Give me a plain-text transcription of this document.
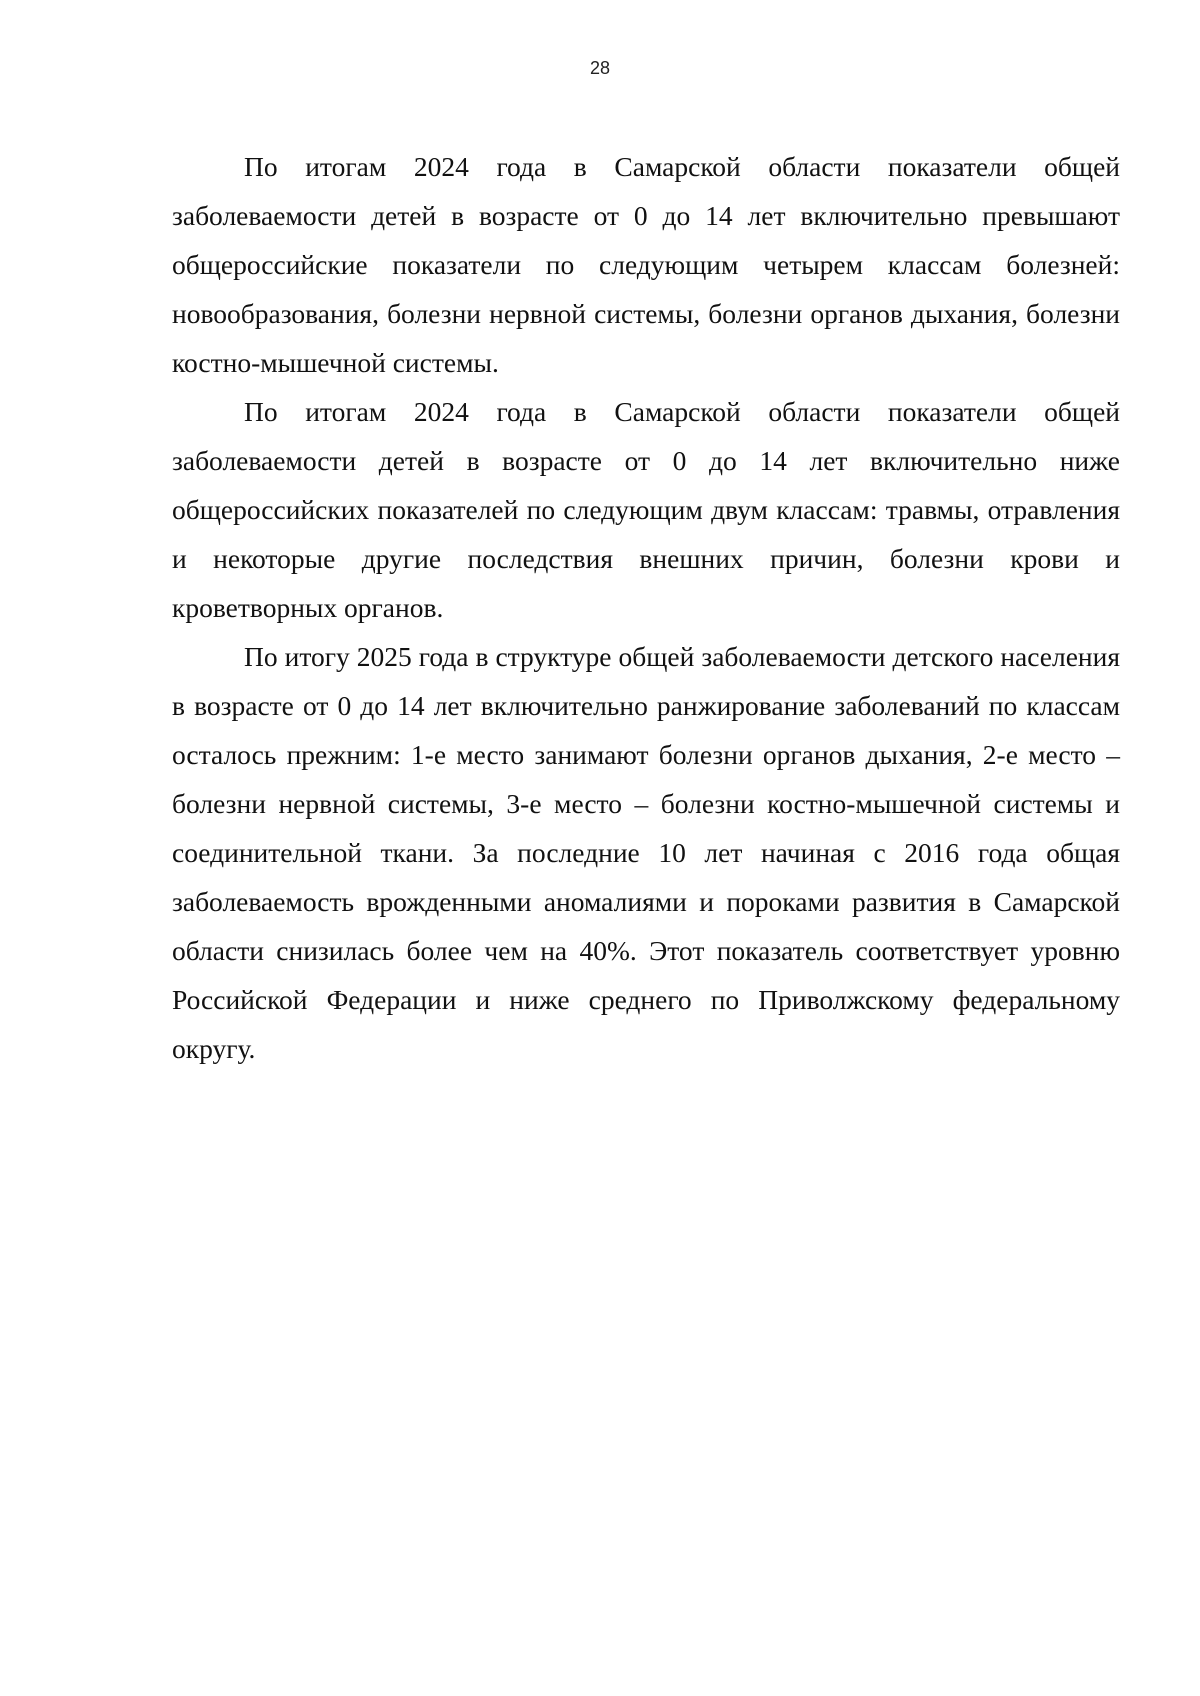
28

По итогам 2024 года в Самарской области показатели общей заболеваемости детей в возрасте от 0 до 14 лет включительно превышают общероссийские показатели по следующим четырем классам болезней: новообразования, болезни нервной системы, болезни органов дыхания, болезни костно-мышечной системы.

По итогам 2024 года в Самарской области показатели общей заболеваемости детей в возрасте от 0 до 14 лет включительно ниже общероссийских показателей по следующим двум классам: травмы, отравления и некоторые другие последствия внешних причин, болезни крови и кроветворных органов.

По итогу 2025 года в структуре общей заболеваемости детского населения в возрасте от 0 до 14 лет включительно ранжирование заболеваний по классам осталось прежним: 1-е место занимают болезни органов дыхания, 2-е место – болезни нервной системы, 3-е место – болезни костно-мышечной системы и соединительной ткани. За последние 10 лет начиная с 2016 года общая заболеваемость врожденными аномалиями и пороками развития в Самарской области снизилась более чем на 40%. Этот показатель соответствует уровню Российской Федерации и ниже среднего по Приволжскому федеральному округу.
